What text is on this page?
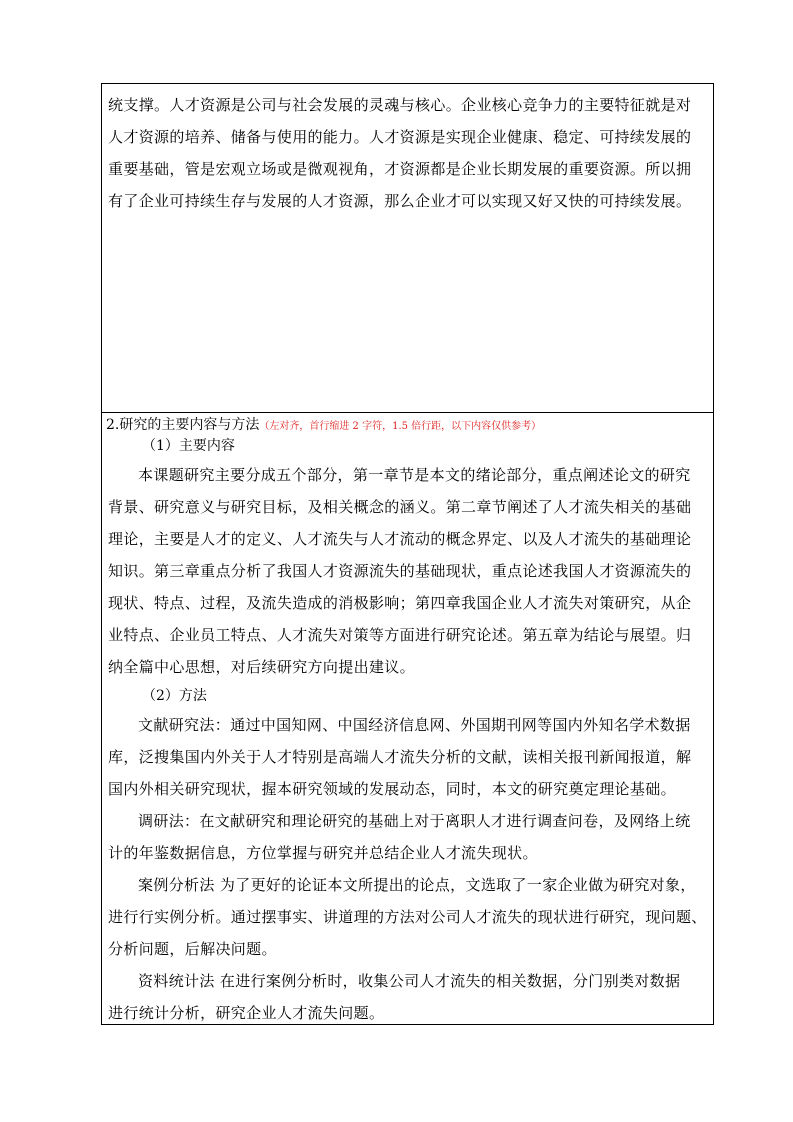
统支撑。人才资源是公司与社会发展的灵魂与核心。企业核心竞争力的主要特征就是对
人才资源的培养、储备与使用的能力。人才资源是实现企业健康、稳定、可持续发展的
重要基础，管是宏观立场或是微观视角，才资源都是企业长期发展的重要资源。所以拥
有了企业可持续生存与发展的人才资源，那么企业才可以实现又好又快的可持续发展。
2.研究的主要内容与方法（左对齐，首行缩进 2 字符，1.5 倍行距，以下内容仅供参考）
（1）主要内容
本课题研究主要分成五个部分，第一章节是本文的绪论部分，重点阐述论文的研究
背景、研究意义与研究目标，及相关概念的涵义。第二章节阐述了人才流失相关的基础
理论，主要是人才的定义、人才流失与人才流动的概念界定、以及人才流失的基础理论
知识。第三章重点分析了我国人才资源流失的基础现状，重点论述我国人才资源流失的
现状、特点、过程，及流失造成的消极影响；第四章我国企业人才流失对策研究，从企
业特点、企业员工特点、人才流失对策等方面进行研究论述。第五章为结论与展望。归
纳全篇中心思想，对后续研究方向提出建议。
（2）方法
文献研究法：通过中国知网、中国经济信息网、外国期刊网等国内外知名学术数据
库，泛搜集国内外关于人才特别是高端人才流失分析的文献，读相关报刊新闻报道，解
国内外相关研究现状，握本研究领域的发展动态，同时，本文的研究奠定理论基础。
调研法：在文献研究和理论研究的基础上对于离职人才进行调查问卷，及网络上统
计的年鉴数据信息，方位掌握与研究并总结企业人才流失现状。
案例分析法 为了更好的论证本文所提出的论点，文选取了一家企业做为研究对象，
进行行实例分析。通过摆事实、讲道理的方法对公司人才流失的现状进行研究，现问题、
分析问题，后解决问题。
资料统计法 在进行案例分析时，收集公司人才流失的相关数据，分门别类对数据
进行统计分析，研究企业人才流失问题。
